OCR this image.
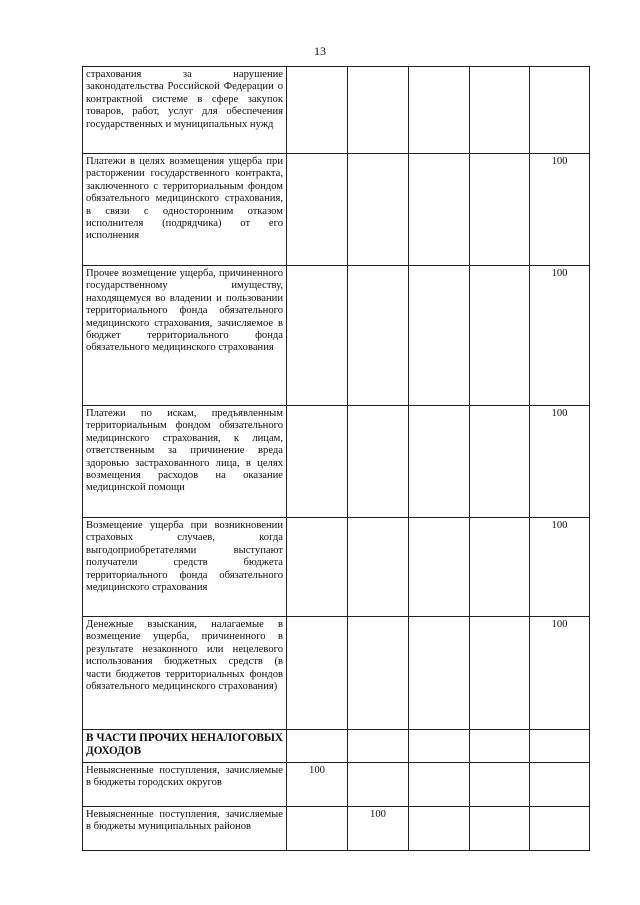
13
страхования за нарушение законодательства Российской Федерации о контрактной системе в сфере закупок товаров, работ, услуг для обеспечения государственных и муниципальных нужд					
Платежи в целях возмещения ущерба при расторжении государственного контракта, заключенного с территориальным фондом обязательного медицинского страхования, в связи с односторонним отказом исполнителя (подрядчика) от его исполнения					100
Прочее возмещение ущерба, причиненного государственному имуществу, находящемуся во владении и пользовании территориального фонда обязательного медицинского страхования, зачисляемое в бюджет территориального фонда обязательного медицинского страхования					100
Платежи по искам, предъявленным территориальным фондом обязательного медицинского страхования, к лицам, ответственным за причинение вреда здоровью застрахованного лица, в целях возмещения расходов на оказание медицинской помощи					100
Возмещение ущерба при возникновении страховых случаев, когда выгодоприобретателями выступают получатели средств бюджета территориального фонда обязательного медицинского страхования					100
Денежные взыскания, налагаемые в возмещение ущерба, причиненного в результате незаконного или нецелевого использования бюджетных средств (в части бюджетов территориальных фондов обязательного медицинского страхования)					100
В ЧАСТИ ПРОЧИХ НЕНАЛОГОВЫХ ДОХОДОВ					
Невыясненные поступления, зачисляемые в бюджеты городских округов	100				
Невыясненные поступления, зачисляемые в бюджеты муниципальных районов		100			
